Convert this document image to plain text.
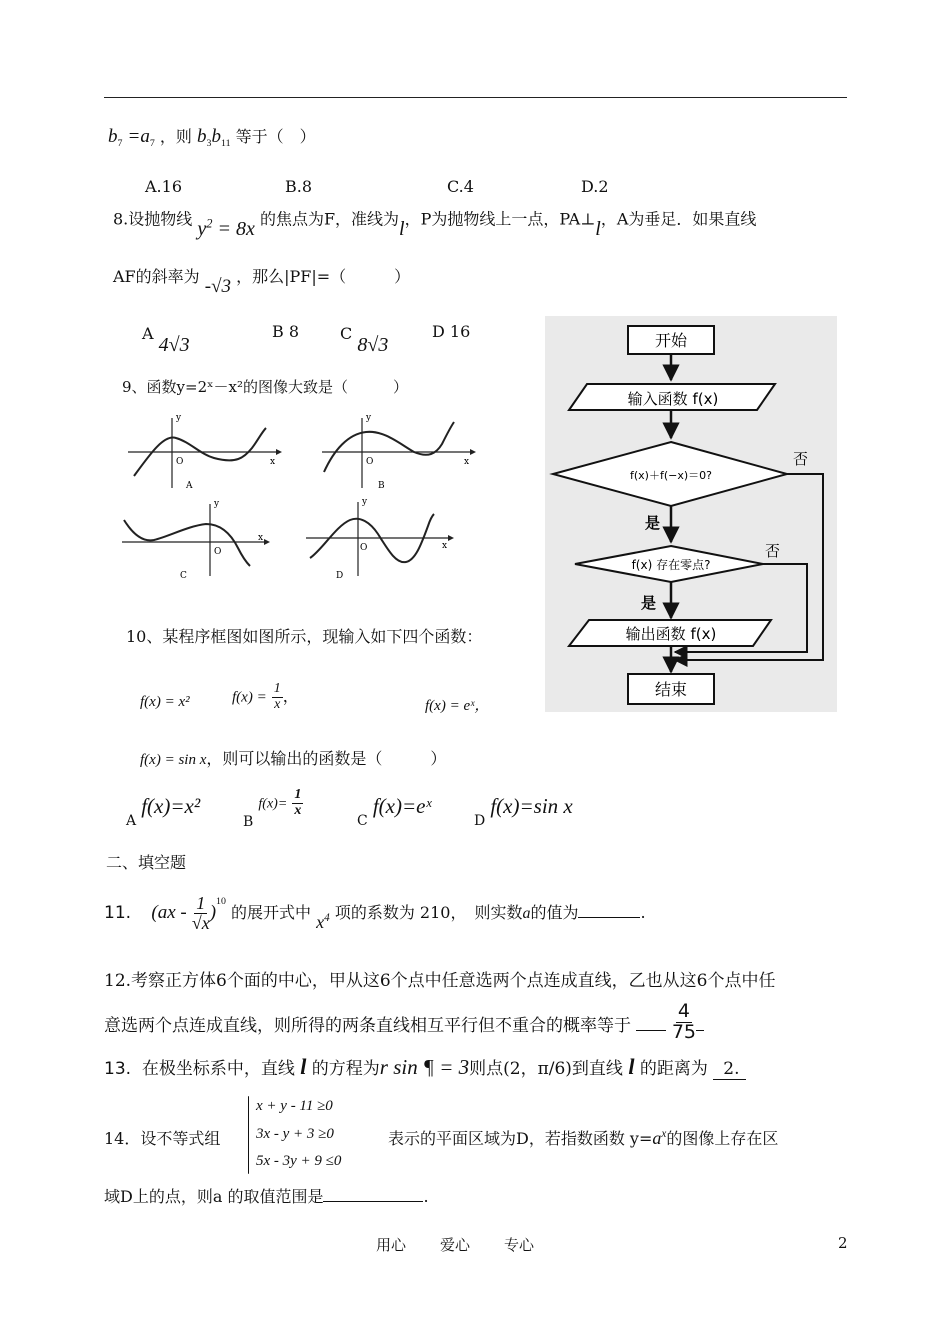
$b_7 =a_7$ ，则 $b_3b_{11}$ 等于（　）
A.16	B.8	C.4	D.2
8.设抛物线 $y^2 = 8x$ 的焦点为F，准线为l，P为抛物线上一点，PA⊥l，A为垂足．如果直线
AF的斜率为 -√3 ，那么|PF|=（　　　）
A 4√3
B 8	C 8√3
D 16
9、函数y=2ˣ－x²的图像大致是（　　　）
y
O	x
A
y
O	x
B
y
O
x
C
y
O	x
D
开始
输入函数 f(x)
f(x)＋f(−x)＝0?
是
否
f(x) 存在零点?
是
否
输出函数 f(x)
结束
10、某程序框图如图所示，现输入如下四个函数：
f(x) = x²	$f(x) = \frac{1}{x}$ ，
f(x) = eˣ，
f(x) = sin x，则可以输出的函数是（　　　）
A f(x)=x²
B $f(x)= \frac{1}{x}$
C f(x)=eˣ
D f(x)=sin x
二、填空题
11. $(ax - \frac{1}{√x} )^{10}$ 的展开式中 $x^4$ 项的系数为 210，　则实数a的值为	.
12.考察正方体6个面的中心，甲从这6个点中任意选两个点连成直线，乙也从这6个点中任
意选两个点连成直线，则所得的两条直线相互平行但不重合的概率等于 $\frac{4}{75}$
13. 在极坐标系中，直线 l 的方程为r sin ¶ = 3则点(2，π/6)到直线 l 的距离为 2.
14．设不等式组
x + y - 11 ≥0
3x - y + 3 ≥0
5x - 3y + 9 ≤0
表示的平面区域为D，若指数函数 $y=a^x$的图像上存在区
域D上的点，则a 的取值范围是	.
用心 爱心 专心	2
